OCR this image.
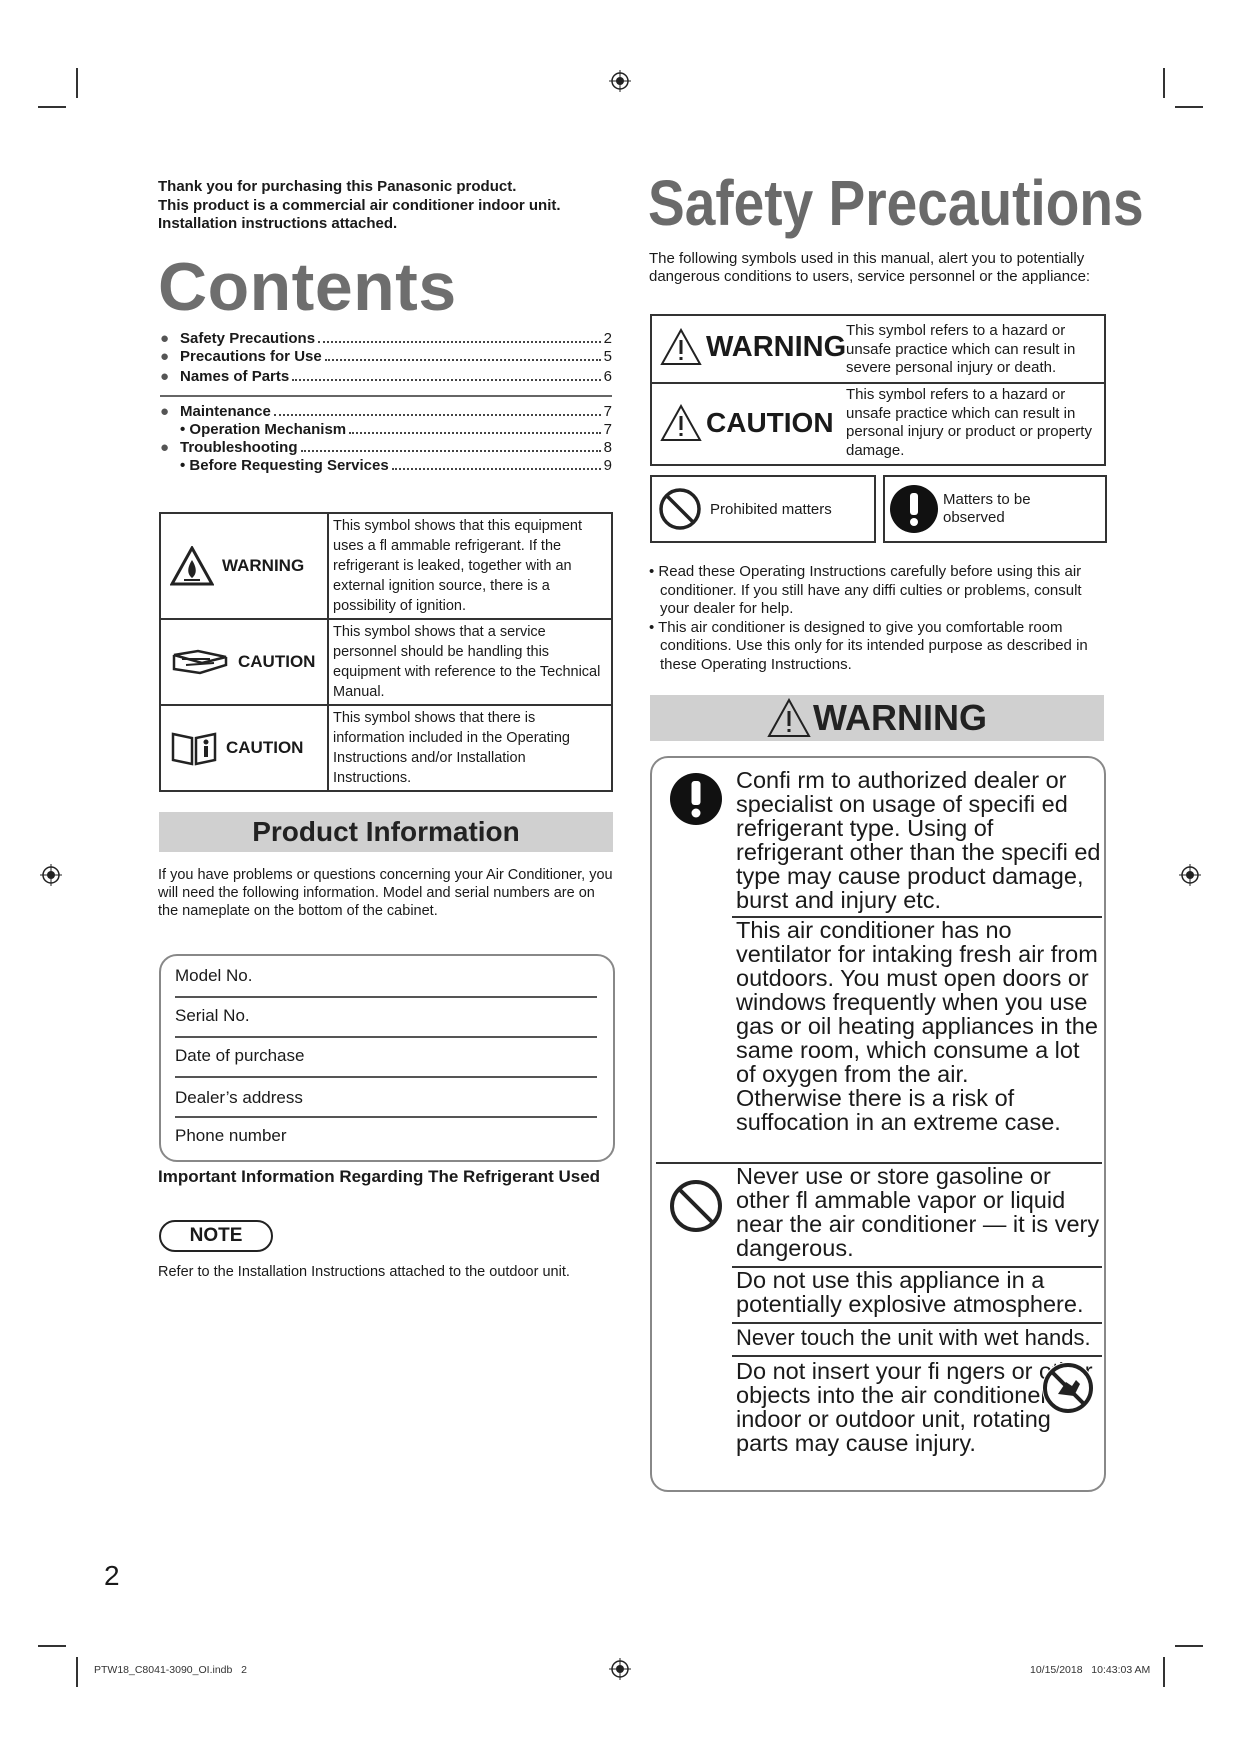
Thank you for purchasing this Panasonic product.
This product is a commercial air conditioner indoor unit.
Installation instructions attached.
Contents
● Safety Precautions	2
● Precautions for Use	5
● Names of Parts	6
● Maintenance	7
• Operation Mechanism	7
● Troubleshooting	8
• Before Requesting Services	9
WARNING	This symbol shows that this equipment uses a fl ammable refrigerant. If the refrigerant is leaked, together with an external ignition source, there is a possibility of ignition.

CAUTION	This symbol shows that a service personnel should be handling this equipment with reference to the Technical Manual.

CAUTION	This symbol shows that there is information included in the Operating Instructions and/or Installation Instructions.
Product Information
If you have problems or questions concerning your Air Conditioner, you will need the following information. Model and serial numbers are on the nameplate on the bottom of the cabinet.
Model No.
Serial No.
Date of purchase
Dealer’s address
Phone number
Important Information Regarding The Refrigerant Used
NOTE
Refer to the Installation Instructions attached to the outdoor unit.
2
PTW18_C8041-3090_OI.indb   2	10/15/2018   10:43:03 AM
Safety Precautions
The following symbols used in this manual, alert you to potentially dangerous conditions to users, service personnel or the appliance:
WARNING This symbol refers to a hazard or unsafe practice which can result in severe personal injury or death.
CAUTION
This symbol refers to a hazard or unsafe practice which can result in personal injury or product or property damage.
Prohibited matters
Matters to be observed
• Read these Operating Instructions carefully before using this air conditioner. If you still have any diffi culties or problems, consult your dealer for help.
• This air conditioner is designed to give you comfortable room conditions. Use this only for its intended purpose as described in these Operating Instructions.
WARNING
Confi rm to authorized dealer or specialist on usage of specifi ed refrigerant type. Using of refrigerant other than the specifi ed type may cause product damage, burst and injury etc.
This air conditioner has no ventilator for intaking fresh air from outdoors. You must open doors or windows frequently when you use gas or oil heating appliances in the same room, which consume a lot of oxygen from the air.
Otherwise there is a risk of suffocation in an extreme case.
Never use or store gasoline or other fl ammable vapor or liquid near the air conditioner — it is very dangerous.
Do not use this appliance in a potentially explosive atmosphere.
Never touch the unit with wet hands.
Do not insert your fi ngers or other objects into the air conditioner indoor or outdoor unit, rotating parts may cause injury.
